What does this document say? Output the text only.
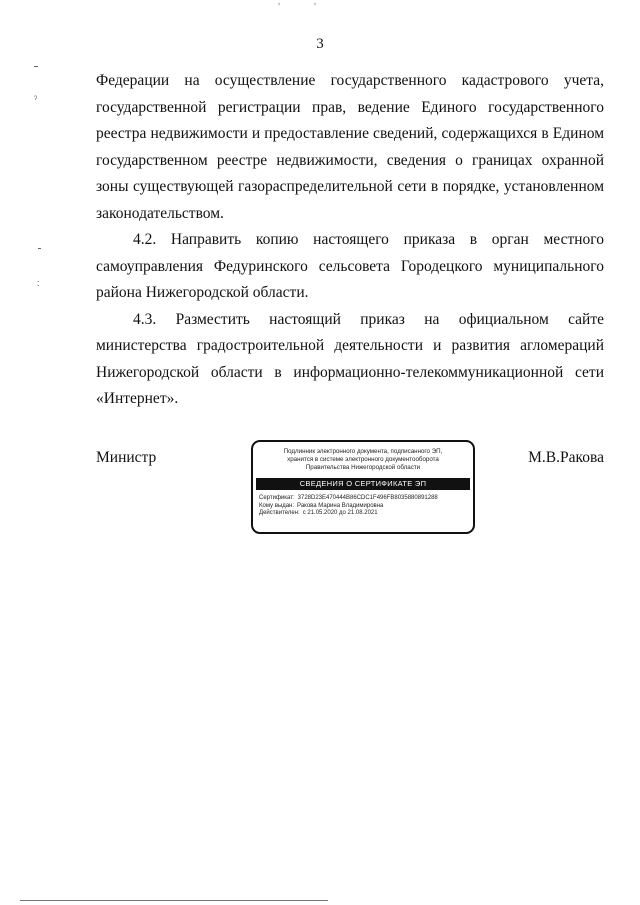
ʼ	ʼ
ˀ
˸
3

Федерации на осуществление государственного кадастрового учета, государственной регистрации прав, ведение Единого государственного реестра недвижимости и предоставление сведений, содержащихся в Едином государственном реестре недвижимости, сведения о границах охранной зоны существующей газораспределительной сети в порядке, установленном законодательством.

4.2. Направить копию настоящего приказа в орган местного самоуправления Федуринского сельсовета Городецкого муниципального района Нижегородской области.

4.3. Разместить настоящий приказ на официальном сайте министерства градостроительной деятельности и развития агломераций Нижегородской области в информационно-телекоммуникационной сети «Интернет».

Министр	Подлинник электронного документа, подписанного ЭП,
хранится в системе электронного документооборота
Правительства Нижегородской области
СВЕДЕНИЯ О СЕРТИФИКАТЕ ЭП
Сертификат: 3728D23E470444B86CDC1F496FB8035880891288
Кому выдан: Ракова Марина Владимировна
Действителен: с 21.05.2020 до 21.08.2021
М.В.Ракова
